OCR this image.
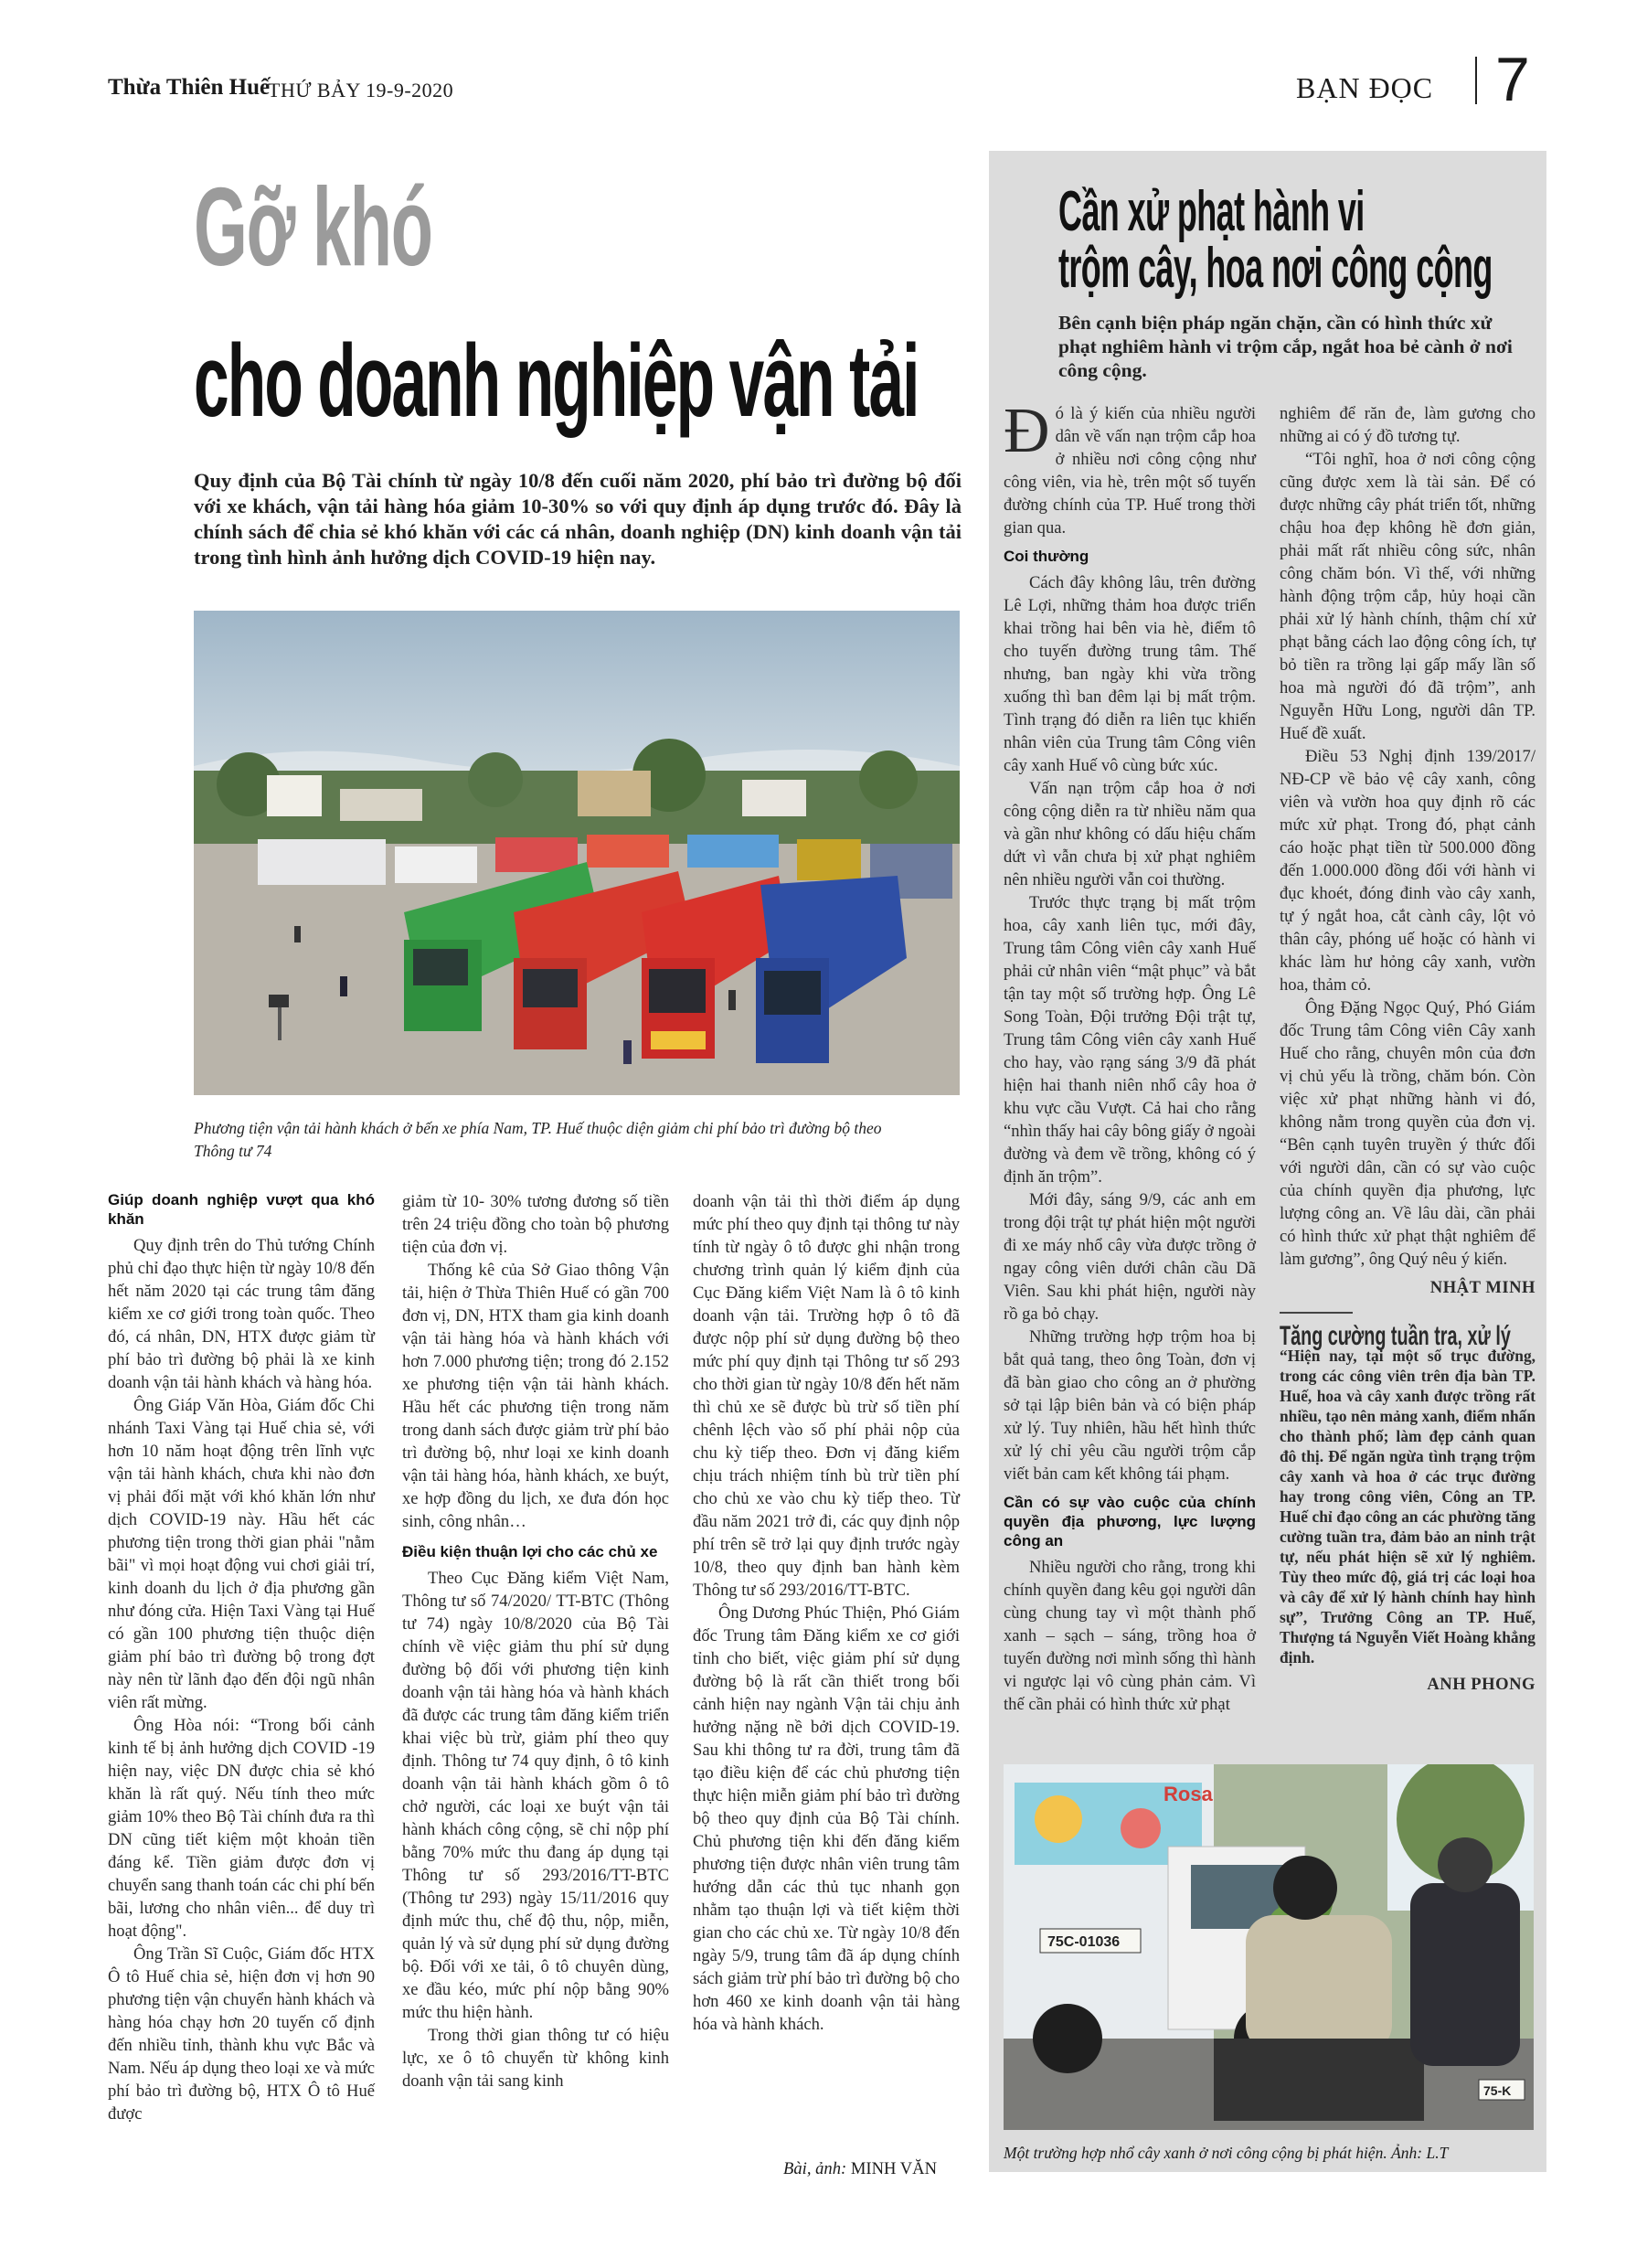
Thừa Thiên Huế
THỨ BẢY 19-9-2020	BẠN ĐỌC 7
Gỡ khó
cho doanh nghiệp vận tải
Quy định của Bộ Tài chính từ ngày 10/8 đến cuối năm 2020, phí bảo trì đường bộ đối với xe khách, vận tải hàng hóa giảm 10-30% so với quy định áp dụng trước đó. Đây là chính sách để chia sẻ khó khăn với các cá nhân, doanh nghiệp (DN) kinh doanh vận tải trong tình hình ảnh hưởng dịch COVID-19 hiện nay.
Phương tiện vận tải hành khách ở bến xe phía Nam, TP. Huế thuộc diện giảm chi phí bảo trì đường bộ theo Thông tư 74
Giúp doanh nghiệp vượt qua khó khăn

Quy định trên do Thủ tướng Chính phủ chỉ đạo thực hiện từ ngày 10/8 đến hết năm 2020 tại các trung tâm đăng kiểm xe cơ giới trong toàn quốc. Theo đó, cá nhân, DN, HTX được giảm từ phí bảo trì đường bộ phải là xe kinh doanh vận tải hành khách và hàng hóa.

Ông Giáp Văn Hòa, Giám đốc Chi nhánh Taxi Vàng tại Huế chia sẻ, với hơn 10 năm hoạt động trên lĩnh vực vận tải hành khách, chưa khi nào đơn vị phải đối mặt với khó khăn lớn như dịch COVID-19 này. Hầu hết các phương tiện trong thời gian phải "nằm bãi" vì mọi hoạt động vui chơi giải trí, kinh doanh du lịch ở địa phương gần như đóng cửa. Hiện Taxi Vàng tại Huế có gần 100 phương tiện thuộc diện giảm phí bảo trì đường bộ trong đợt này nên từ lãnh đạo đến đội ngũ nhân viên rất mừng.

Ông Hòa nói: “Trong bối cảnh kinh tế bị ảnh hưởng dịch COVID -19 hiện nay, việc DN được chia sẻ khó khăn là rất quý. Nếu tính theo mức giảm 10% theo Bộ Tài chính đưa ra thì DN cũng tiết kiệm một khoản tiền đáng kể. Tiền giảm được đơn vị chuyển sang thanh toán các chi phí bến bãi, lương cho nhân viên... để duy trì hoạt động".

Ông Trần Sĩ Cuộc, Giám đốc HTX Ô tô Huế chia sẻ, hiện đơn vị hơn 90 phương tiện vận chuyển hành khách và hàng hóa chạy hơn 20 tuyến cố định đến nhiều tỉnh, thành khu vực Bắc và Nam. Nếu áp dụng theo loại xe và mức phí bảo trì đường bộ, HTX Ô tô Huế được

giảm từ 10- 30% tương đương số tiền trên 24 triệu đồng cho toàn bộ phương tiện của đơn vị.

Thống kê của Sở Giao thông Vận tải, hiện ở Thừa Thiên Huế có gần 700 đơn vị, DN, HTX tham gia kinh doanh vận tải hàng hóa và hành khách với hơn 7.000 phương tiện; trong đó 2.152 xe phương tiện vận tải hành khách. Hầu hết các phương tiện trong năm trong danh sách được giảm trừ phí bảo trì đường bộ, như loại xe kinh doanh vận tải hàng hóa, hành khách, xe buýt, xe hợp đồng du lịch, xe đưa đón học sinh, công nhân…

Điều kiện thuận lợi cho các chủ xe

Theo Cục Đăng kiểm Việt Nam, Thông tư số 74/2020/ TT-BTC (Thông tư 74) ngày 10/8/2020 của Bộ Tài chính về việc giảm thu phí sử dụng đường bộ đối với phương tiện kinh doanh vận tải hàng hóa và hành khách đã được các trung tâm đăng kiểm triển khai việc bù trừ, giảm phí theo quy định. Thông tư 74 quy định, ô tô kinh doanh vận tải hành khách gồm ô tô chở người, các loại xe buýt vận tải hành khách công cộng, sẽ chỉ nộp phí bằng 70% mức thu đang áp dụng tại Thông tư số 293/2016/TT-BTC (Thông tư 293) ngày 15/11/2016 quy định mức thu, chế độ thu, nộp, miễn, quản lý và sử dụng phí sử dụng đường bộ. Đối với xe tải, ô tô chuyên dùng, xe đầu kéo, mức phí nộp bằng 90% mức thu hiện hành.

Trong thời gian thông tư có hiệu lực, xe ô tô chuyển từ không kinh doanh vận tải sang kinh

doanh vận tải thì thời điểm áp dụng mức phí theo quy định tại thông tư này tính từ ngày ô tô được ghi nhận trong chương trình quản lý kiểm định của Cục Đăng kiểm Việt Nam là ô tô kinh doanh vận tải. Trường hợp ô tô đã được nộp phí sử dụng đường bộ theo mức phí quy định tại Thông tư số 293 cho thời gian từ ngày 10/8 đến hết năm thì chủ xe sẽ được bù trừ số tiền phí chênh lệch vào số phí phải nộp của chu kỳ tiếp theo. Đơn vị đăng kiểm chịu trách nhiệm tính bù trừ tiền phí cho chủ xe vào chu kỳ tiếp theo. Từ đầu năm 2021 trở đi, các quy định nộp phí trên sẽ trở lại quy định trước ngày 10/8, theo quy định ban hành kèm Thông tư số 293/2016/TT-BTC.

Ông Dương Phúc Thiện, Phó Giám đốc Trung tâm Đăng kiểm xe cơ giới tỉnh cho biết, việc giảm phí sử dụng đường bộ là rất cần thiết trong bối cảnh hiện nay ngành Vận tải chịu ảnh hưởng nặng nề bởi dịch COVID-19. Sau khi thông tư ra đời, trung tâm đã tạo điều kiện để các chủ phương tiện thực hiện miễn giảm phí bảo trì đường bộ theo quy định của Bộ Tài chính. Chủ phương tiện khi đến đăng kiểm phương tiện được nhân viên trung tâm hướng dẫn các thủ tục nhanh gọn nhằm tạo thuận lợi và tiết kiệm thời gian cho các chủ xe. Từ ngày 10/8 đến ngày 5/9, trung tâm đã áp dụng chính sách giảm trừ phí bảo trì đường bộ cho hơn 460 xe kinh doanh vận tải hàng hóa và hành khách.

Bài, ảnh: MINH VĂN
Cần xử phạt hành vi
trộm cây, hoa nơi công cộng
Bên cạnh biện pháp ngăn chặn, cần có hình thức xử phạt nghiêm hành vi trộm cắp, ngắt hoa bẻ cành ở nơi công cộng.

Đó là ý kiến của nhiều người dân về vấn nạn trộm cắp hoa ở nhiều nơi công cộng như công viên, via hè, trên một số tuyến đường chính của TP. Huế trong thời gian qua.

Coi thường

Cách đây không lâu, trên đường Lê Lợi, những thảm hoa được triển khai trồng hai bên via hè, điểm tô cho tuyến đường trung tâm. Thế nhưng, ban ngày khi vừa trồng xuống thì ban đêm lại bị mất trộm. Tình trạng đó diễn ra liên tục khiến nhân viên của Trung tâm Công viên cây xanh Huế vô cùng bức xúc.

Vấn nạn trộm cắp hoa ở nơi công cộng diễn ra từ nhiều năm qua và gần như không có dấu hiệu chấm dứt vì vẫn chưa bị xử phạt nghiêm nên nhiều người vẫn coi thường.

Trước thực trạng bị mất trộm hoa, cây xanh liên tục, mới đây, Trung tâm Công viên cây xanh Huế phải cử nhân viên “mật phục” và bắt tận tay một số trường hợp. Ông Lê Song Toàn, Đội trưởng Đội trật tự, Trung tâm Công viên cây xanh Huế cho hay, vào rạng sáng 3/9 đã phát hiện hai thanh niên nhổ cây hoa ở khu vực cầu Vượt. Cả hai cho rằng “nhìn thấy hai cây bông giấy ở ngoài đường và đem về trồng, không có ý định ăn trộm”.

Mới đây, sáng 9/9, các anh em trong đội trật tự phát hiện một người đi xe máy nhổ cây vừa được trồng ở ngay công viên dưới chân cầu Dã Viên. Sau khi phát hiện, người này rồ ga bỏ chạy.

Những trường hợp trộm hoa bị bắt quả tang, theo ông Toàn, đơn vị đã bàn giao cho công an ở phường sở tại lập biên bản và có biện pháp xử lý. Tuy nhiên, hầu hết hình thức xử lý chỉ yêu cầu người trộm cắp viết bản cam kết không tái phạm.

Cần có sự vào cuộc của chính quyền địa phương, lực lượng công an

Nhiều người cho rằng, trong khi chính quyền đang kêu gọi người dân cùng chung tay vì một thành phố xanh – sạch – sáng, trồng hoa ở tuyến đường nơi mình sống thì hành vi ngược lại vô cùng phản cảm. Vì thế cần phải có hình thức xử phạt

nghiêm để răn đe, làm gương cho những ai có ý đồ tương tự.

“Tôi nghĩ, hoa ở nơi công cộng cũng được xem là tài sản. Để có được những cây phát triển tốt, những chậu hoa đẹp không hề đơn giản, phải mất rất nhiều công sức, nhân công chăm bón. Vì thế, với những hành động trộm cắp, hủy hoại cần phải xử lý hành chính, thậm chí xử phạt bằng cách lao động công ích, tự bỏ tiền ra trồng lại gấp mấy lần số hoa mà người đó đã trộm”, anh Nguyễn Hữu Long, người dân TP. Huế đề xuất.

Điều 53 Nghị định 139/2017/ NĐ-CP về bảo vệ cây xanh, công viên và vườn hoa quy định rõ các mức xử phạt. Trong đó, phạt cảnh cáo hoặc phạt tiền từ 500.000 đồng đến 1.000.000 đồng đối với hành vi đục khoét, đóng đinh vào cây xanh, tự ý ngắt hoa, cắt cành cây, lột vỏ thân cây, phóng uế hoặc có hành vi khác làm hư hỏng cây xanh, vườn hoa, thảm cỏ.

Ông Đặng Ngọc Quý, Phó Giám đốc Trung tâm Công viên Cây xanh Huế cho rằng, chuyên môn của đơn vị chủ yếu là trồng, chăm bón. Còn việc xử phạt những hành vi đó, không nằm trong quyền của đơn vị. “Bên cạnh tuyên truyền ý thức đối với người dân, cần có sự vào cuộc của chính quyền địa phương, lực lượng công an. Về lâu dài, cần phải có hình thức xử phạt thật nghiêm để làm gương”, ông Quý nêu ý kiến.

NHẬT MINH

Tăng cường tuần tra, xử lý
“Hiện nay, tại một số trục đường, trong các công viên trên địa bàn TP. Huế, hoa và cây xanh được trồng rất nhiều, tạo nên mảng xanh, điểm nhấn cho thành phố; làm đẹp cảnh quan đô thị. Để ngăn ngừa tình trạng trộm cây xanh và hoa ở các trục đường hay trong công viên, Công an TP. Huế chỉ đạo công an các phường tăng cường tuần tra, đảm bảo an ninh trật tự, nếu phát hiện sẽ xử lý nghiêm. Tùy theo mức độ, giá trị các loại hoa và cây để xử lý hành chính hay hình sự”, Trưởng Công an TP. Huế, Thượng tá Nguyễn Viết Hoàng khẳng định.

ANH PHONG

Rosa
75C-01036
75-K
Một trường hợp nhổ cây xanh ở nơi công cộng bị phát hiện. Ảnh: L.T
